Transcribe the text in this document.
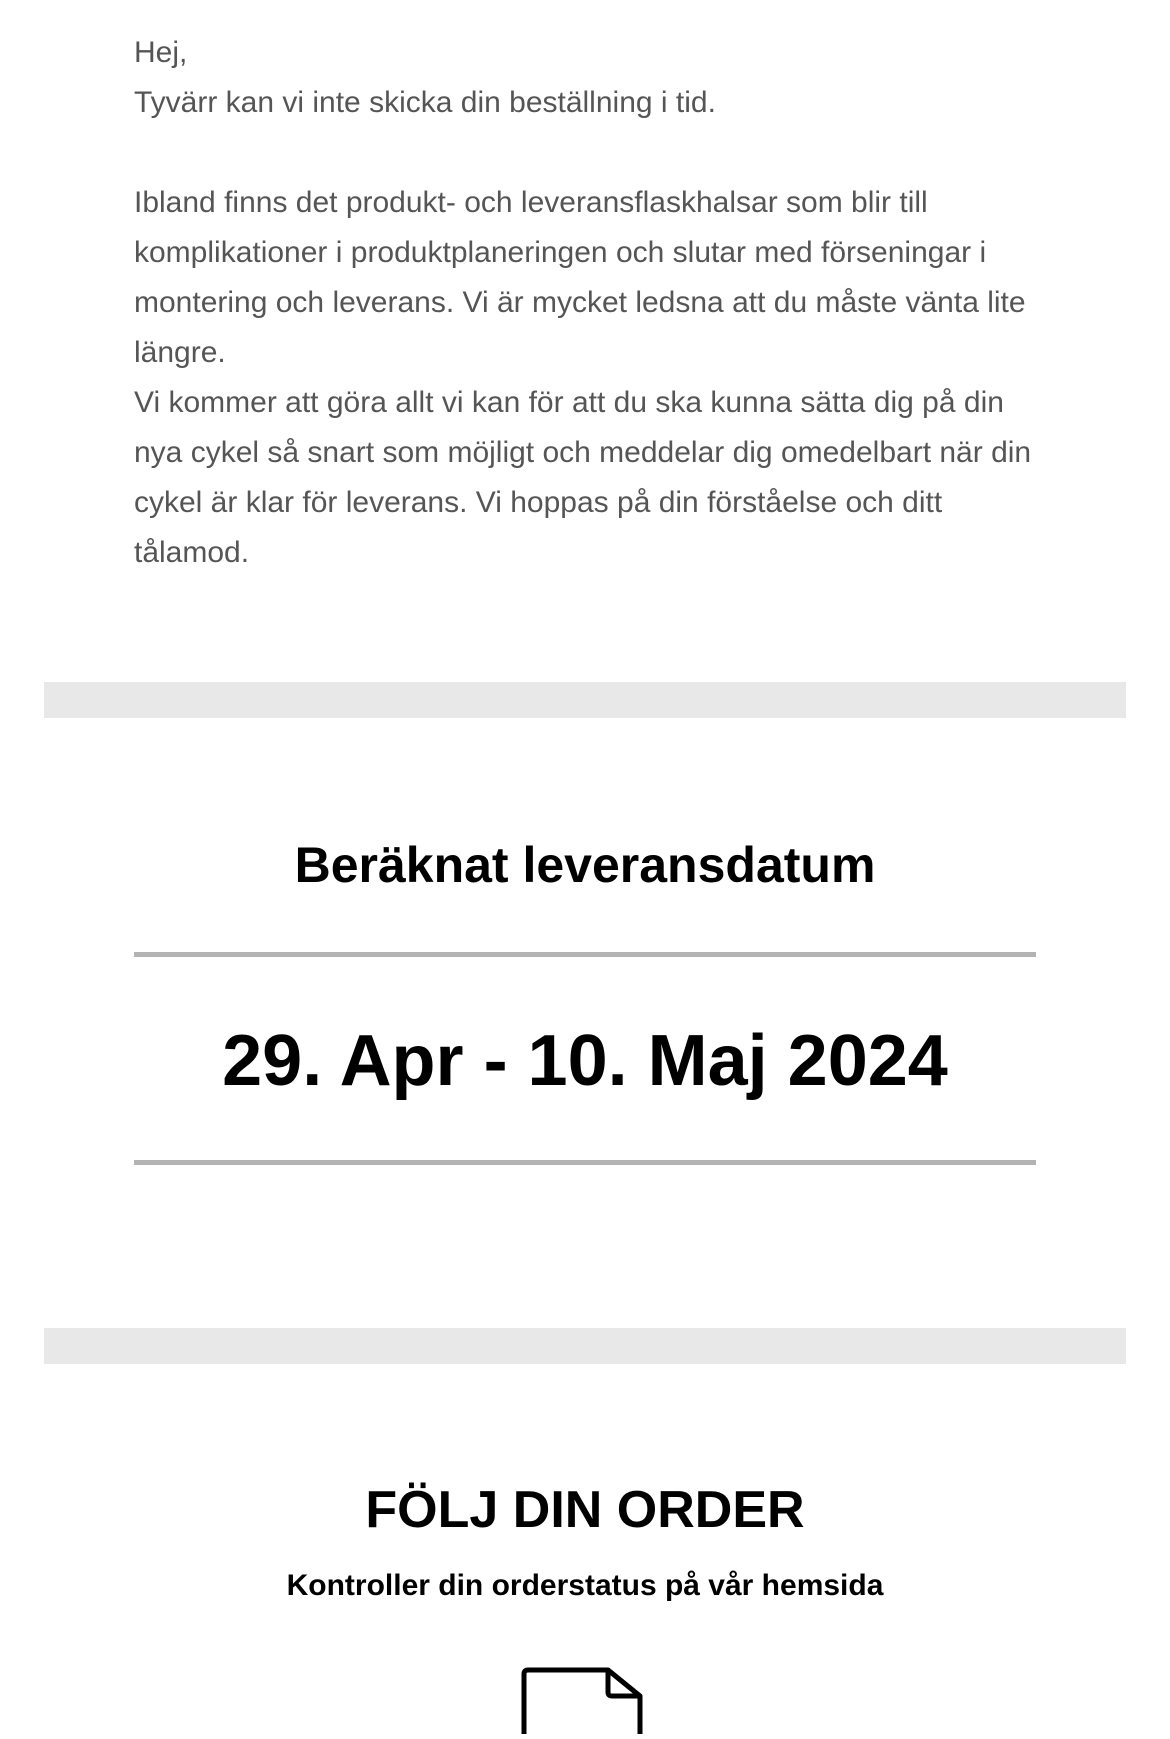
Hej,

Tyvärr kan vi inte skicka din beställning i tid.

Ibland finns det produkt- och leveransflaskhalsar som blir till komplikationer i produktplaneringen och slutar med förseningar i montering och leverans. Vi är mycket ledsna att du måste vänta lite längre.

Vi kommer att göra allt vi kan för att du ska kunna sätta dig på din nya cykel så snart som möjligt och meddelar dig omedelbart när din cykel är klar för leverans. Vi hoppas på din förståelse och ditt tålamod.

Beräknat leveransdatum
29. Apr - 10. Maj 2024
FÖLJ DIN ORDER
Kontroller din orderstatus på vår hemsida
